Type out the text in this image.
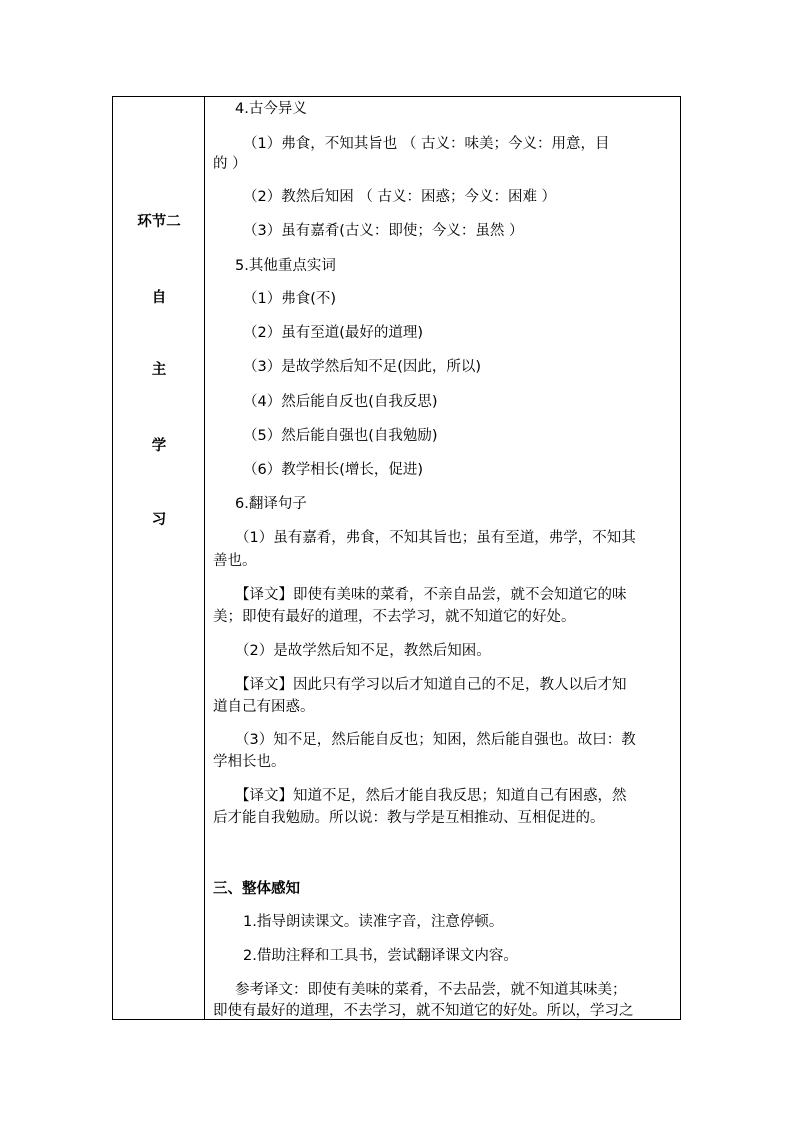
环节二
自
主
学
习
4.古今异义
（1）弗食，不知其旨也 （ 古义：味美；今义：用意，目
的 ）
（2）教然后知困 （ 古义：困惑；今义：困难 ）
（3）虽有嘉肴(古义：即使；今义：虽然 ）
5.其他重点实词
（1）弗食(不)
（2）虽有至道(最好的道理)
（3）是故学然后知不足(因此，所以)
（4）然后能自反也(自我反思)
（5）然后能自强也(自我勉励)
（6）教学相长(增长，促进)
6.翻译句子
（1）虽有嘉肴，弗食，不知其旨也；虽有至道，弗学，不知其
善也。
【译文】即使有美味的菜肴，不亲自品尝，就不会知道它的味
美；即使有最好的道理，不去学习，就不知道它的好处。
（2）是故学然后知不足，教然后知困。
【译文】因此只有学习以后才知道自己的不足，教人以后才知
道自己有困惑。
（3）知不足，然后能自反也；知困，然后能自强也。故曰：教
学相长也。
【译文】知道不足，然后才能自我反思；知道自己有困惑，然
后才能自我勉励。所以说：教与学是互相推动、互相促进的。
三、整体感知
1.指导朗读课文。读准字音，注意停顿。
2.借助注释和工具书，尝试翻译课文内容。
参考译文：即使有美味的菜肴，不去品尝，就不知道其味美；
即使有最好的道理，不去学习，就不知道它的好处。所以，学习之
